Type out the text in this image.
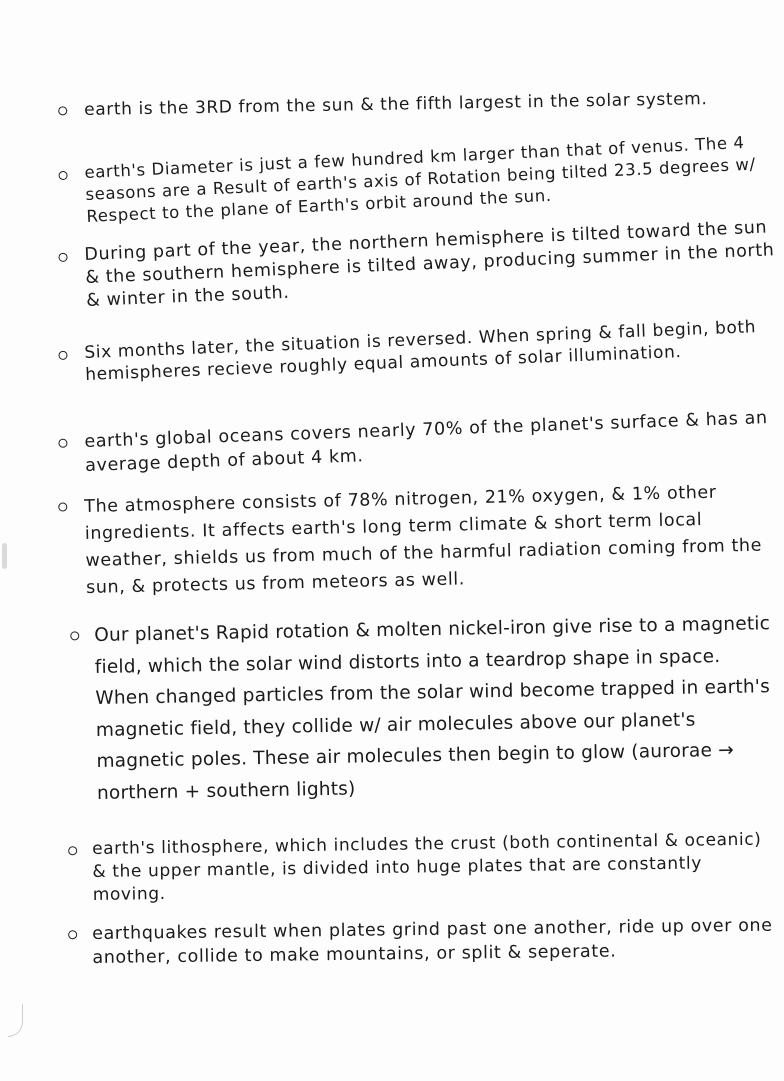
earth is the 3RD from the sun & the fifth largest in the solar system.
earth's Diameter is just a few hundred km larger than that of venus. The 4 seasons are a Result of earth's axis of Rotation being tilted 23.5 degrees w/ Respect to the plane of Earth's orbit around the sun.
During part of the year, the northern hemisphere is tilted toward the sun & the southern hemisphere is tilted away, producing summer in the north & winter in the south.
Six months later, the situation is reversed. When spring & fall begin, both hemispheres recieve roughly equal amounts of solar illumination.
earth's global oceans covers nearly 70% of the planet's surface & has an average depth of about 4 km.
The atmosphere consists of 78% nitrogen, 21% oxygen, & 1% other ingredients. It affects earth's long term climate & short term local weather, shields us from much of the harmful radiation coming from the sun, & protects us from meteors as well.
Our planet's Rapid rotation & molten nickel-iron give rise to a magnetic field, which the solar wind distorts into a teardrop shape in space. When changed particles from the solar wind become trapped in earth's magnetic field, they collide w/ air molecules above our planet's magnetic poles. These air molecules then begin to glow (aurorae → northern + southern lights)
earth's lithosphere, which includes the crust (both continental & oceanic) & the upper mantle, is divided into huge plates that are constantly moving.
earthquakes result when plates grind past one another, ride up over one another, collide to make mountains, or split & seperate.
